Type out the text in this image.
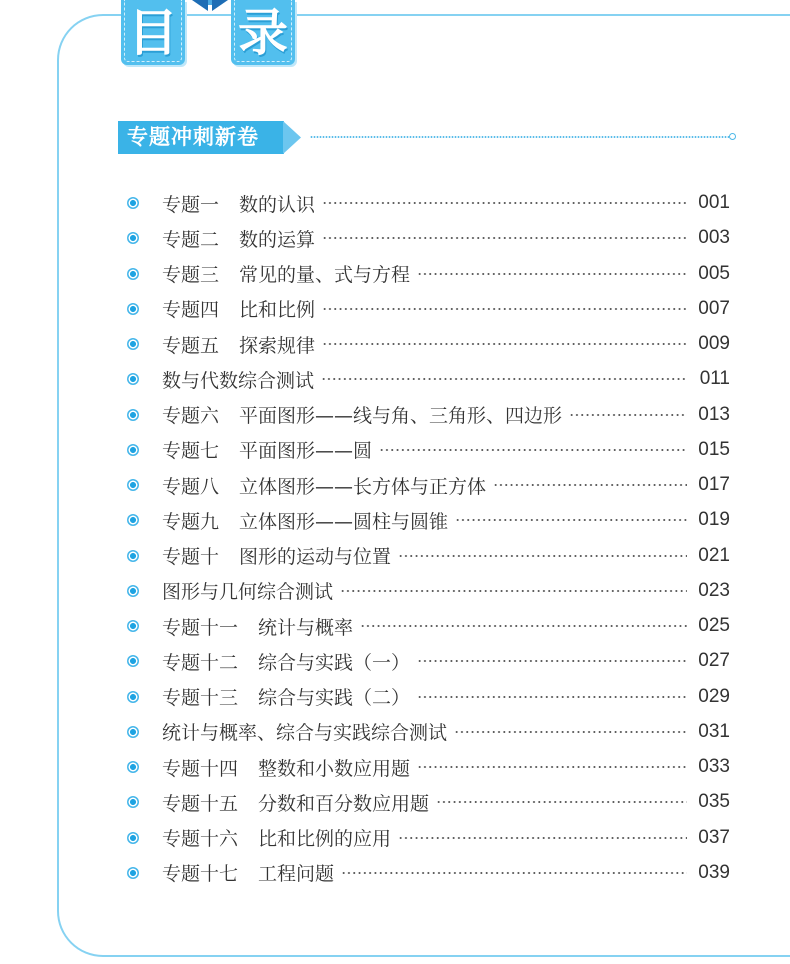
目 录
专题冲刺新卷
专题一 数的认识	001
专题二 数的运算	003
专题三 常见的量、式与方程	005
专题四 比和比例	007
专题五 探索规律	009
数与代数综合测试	011
专题六 平面图形——线与角、三角形、四边形	013
专题七 平面图形——圆	015
专题八 立体图形——长方体与正方体	017
专题九 立体图形——圆柱与圆锥	019
专题十 图形的运动与位置	021
图形与几何综合测试	023
专题十一 统计与概率	025
专题十二 综合与实践（一）	027
专题十三 综合与实践（二）	029
统计与概率、综合与实践综合测试	031
专题十四 整数和小数应用题	033
专题十五 分数和百分数应用题	035
专题十六 比和比例的应用	037
专题十七 工程问题	039
